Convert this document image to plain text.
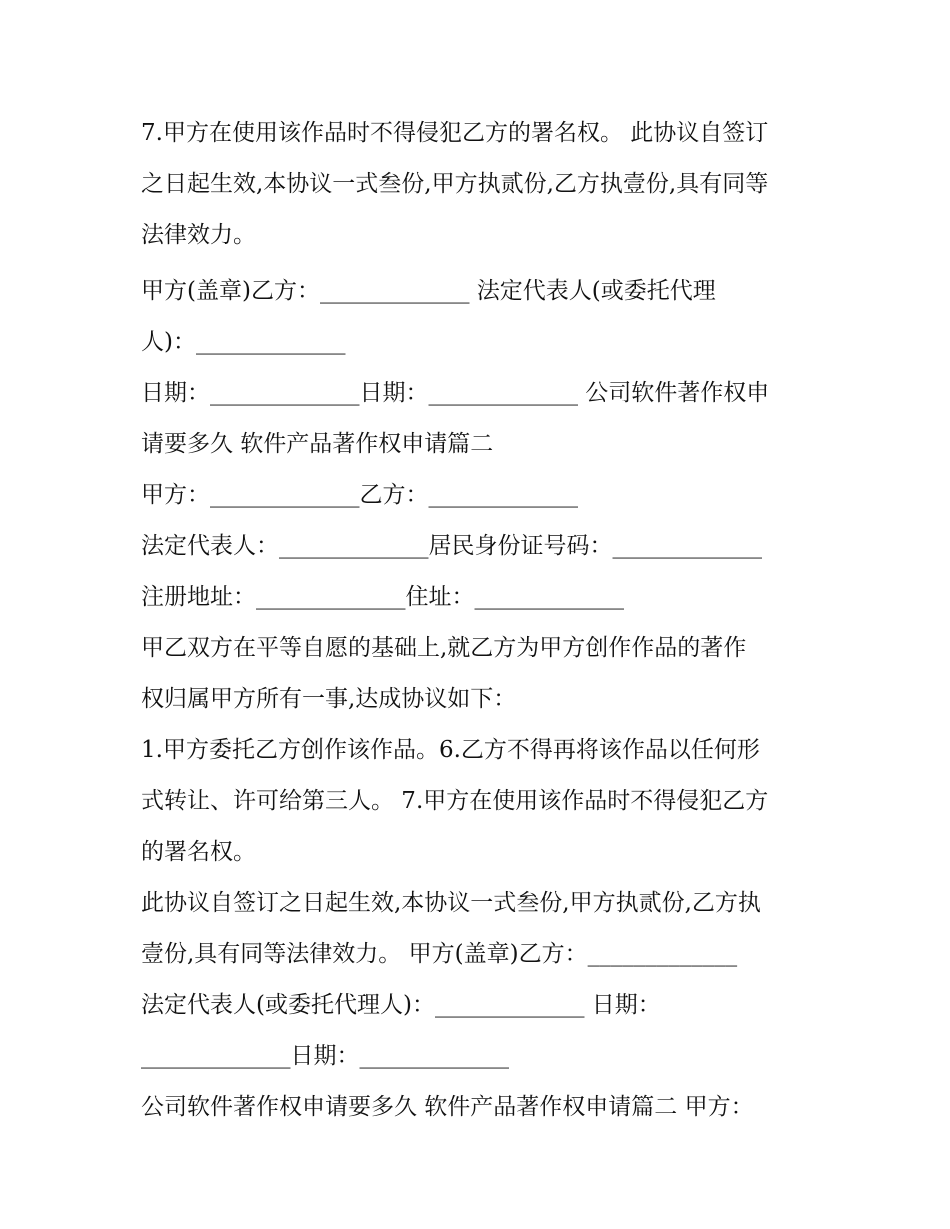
7.甲方在使用该作品时不得侵犯乙方的署名权。 此协议自签订
之日起生效,本协议一式叁份,甲方执贰份,乙方执壹份,具有同等
法律效力。
甲方(盖章)乙方：_____________ 法定代表人(或委托代理
人)：_____________
日期：_____________日期：_____________ 公司软件著作权申
请要多久 软件产品著作权申请篇二
甲方：_____________乙方：_____________
法定代表人：_____________居民身份证号码：_____________
注册地址：_____________住址：_____________
甲乙双方在平等自愿的基础上,就乙方为甲方创作作品的著作
权归属甲方所有一事,达成协议如下：
1.甲方委托乙方创作该作品。6.乙方不得再将该作品以任何形
式转让、许可给第三人。 7.甲方在使用该作品时不得侵犯乙方
的署名权。
此协议自签订之日起生效,本协议一式叁份,甲方执贰份,乙方执
壹份,具有同等法律效力。 甲方(盖章)乙方：_____________
法定代表人(或委托代理人)：_____________ 日期：
_____________日期：_____________
公司软件著作权申请要多久 软件产品著作权申请篇二 甲方：
